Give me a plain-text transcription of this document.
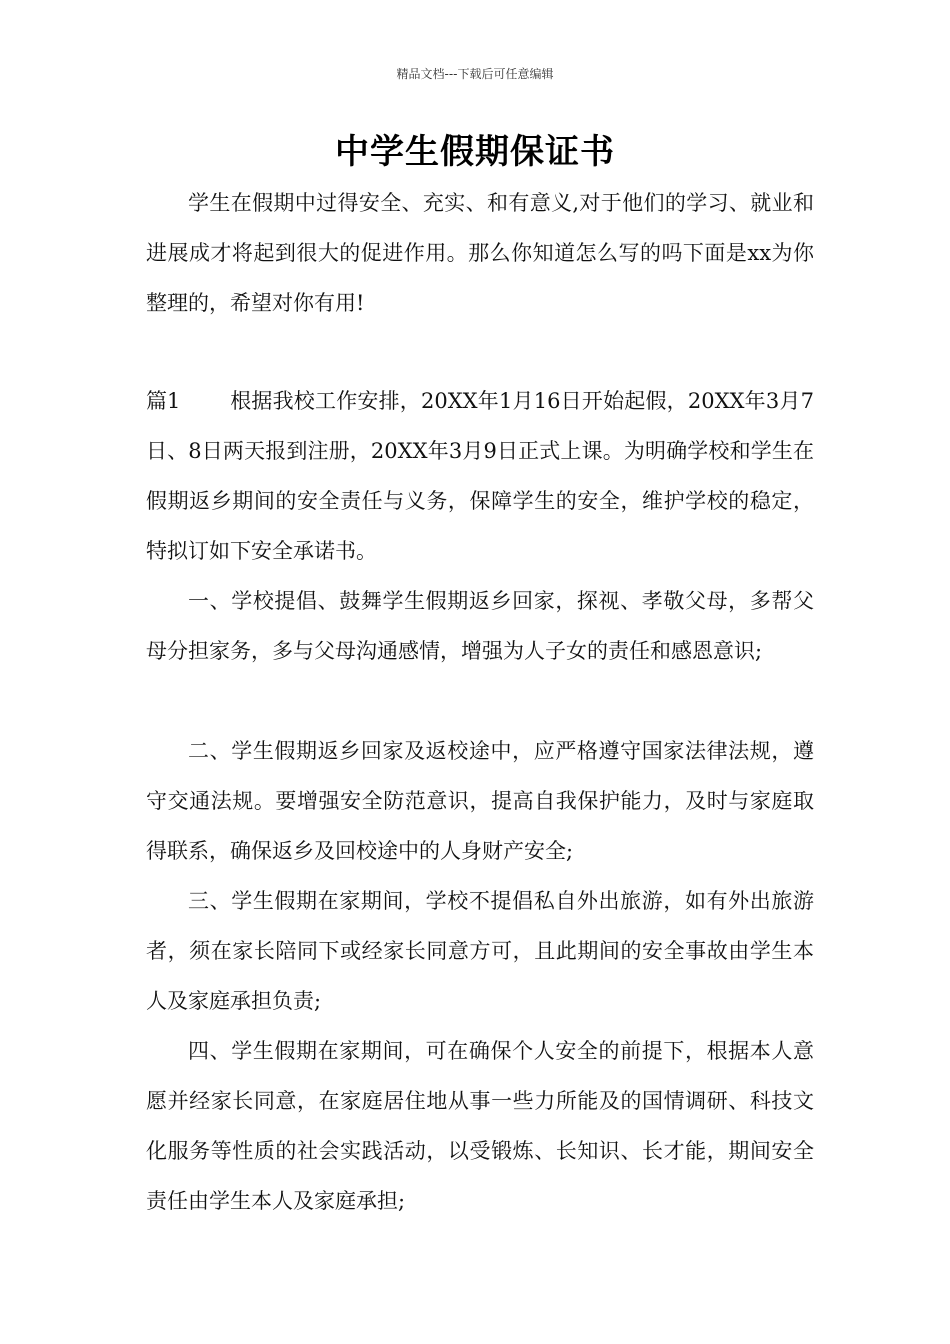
精品文档---下载后可任意编辑
中学生假期保证书

学生在假期中过得安全、充实、和有意义,对于他们的学习、就业和进展成才将起到很大的促进作用。那么你知道怎么写的吗下面是xx为你整理的，希望对你有用!

篇1 根据我校工作安排，20XX年1月16日开始起假，20XX年3月7日、8日两天报到注册，20XX年3月9日正式上课。为明确学校和学生在假期返乡期间的安全责任与义务，保障学生的安全，维护学校的稳定，特拟订如下安全承诺书。

一、学校提倡、鼓舞学生假期返乡回家，探视、孝敬父母，多帮父母分担家务，多与父母沟通感情，增强为人子女的责任和感恩意识;

二、学生假期返乡回家及返校途中，应严格遵守国家法律法规，遵守交通法规。要增强安全防范意识，提高自我保护能力，及时与家庭取得联系，确保返乡及回校途中的人身财产安全;

三、学生假期在家期间，学校不提倡私自外出旅游，如有外出旅游者，须在家长陪同下或经家长同意方可，且此期间的安全事故由学生本人及家庭承担负责;

四、学生假期在家期间，可在确保个人安全的前提下，根据本人意愿并经家长同意，在家庭居住地从事一些力所能及的国情调研、科技文化服务等性质的社会实践活动，以受锻炼、长知识、长才能，期间安全责任由学生本人及家庭承担;
